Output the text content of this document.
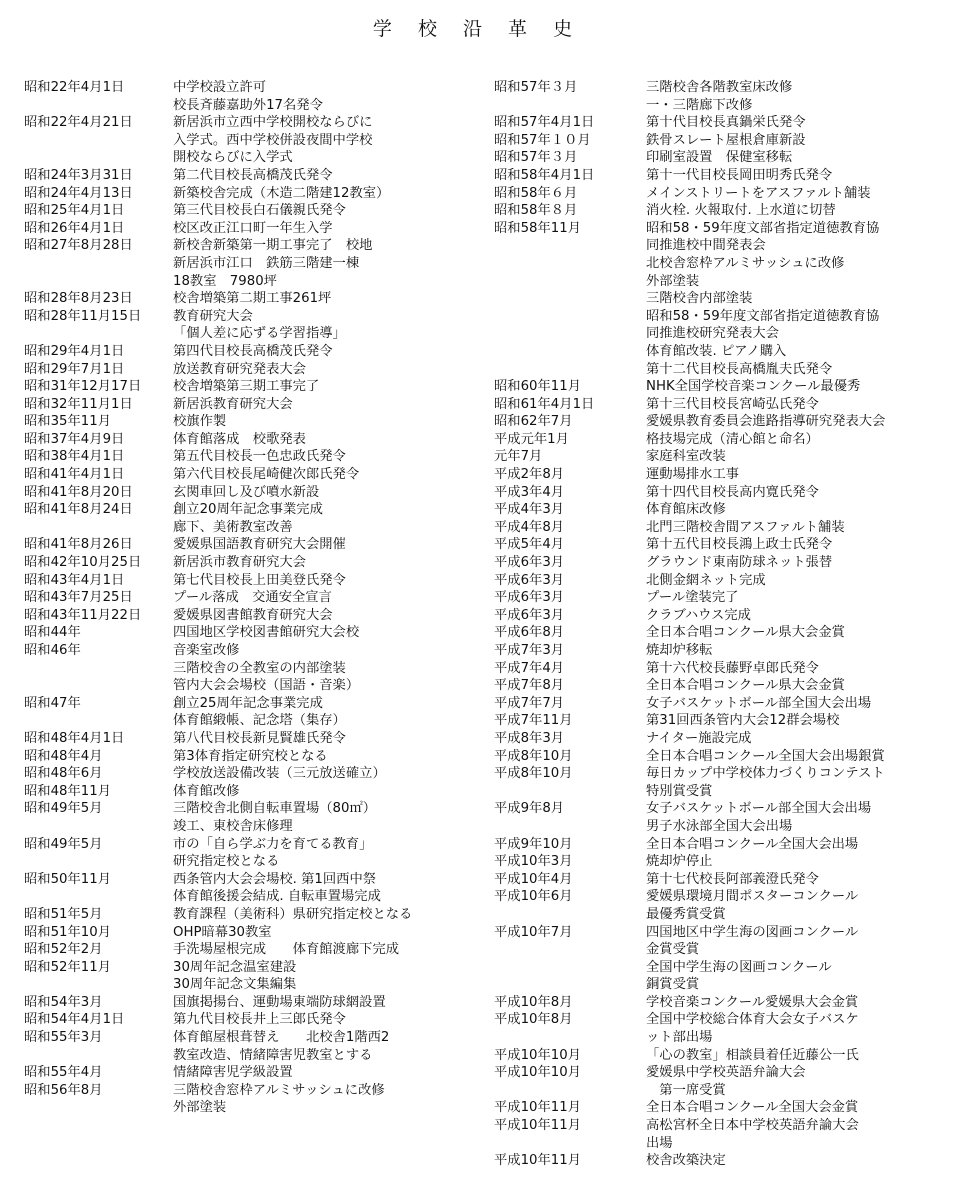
学 校 沿 革 史
昭和22年4月1日	中学校設立許可
校長斉藤嘉助外17名発令
昭和22年4月21日	新居浜市立西中学校開校ならびに
入学式。西中学校併設夜間中学校
開校ならびに入学式
昭和24年3月31日	第二代目校長高橋茂氏発令
昭和24年4月13日	新築校舎完成（木造二階建12教室）
昭和25年4月1日	第三代目校長白石儀親氏発令
昭和26年4月1日	校区改正江口町一年生入学
昭和27年8月28日	新校舎新築第一期工事完了　校地
新居浜市江口　鉄筋三階建一棟
18教室　7980坪
昭和28年8月23日	校舎増築第二期工事261坪
昭和28年11月15日	教育研究大会
「個人差に応ずる学習指導」
昭和29年4月1日	第四代目校長高橋茂氏発令
昭和29年7月1日	放送教育研究発表大会
昭和31年12月17日	校舎増築第三期工事完了
昭和32年11月1日	新居浜教育研究大会
昭和35年11月	校旗作製
昭和37年4月9日	体育館落成　校歌発表
昭和38年4月1日	第五代目校長一色忠政氏発令
昭和41年4月1日	第六代目校長尾崎健次郎氏発令
昭和41年8月20日	玄関車回し及び噴水新設
昭和41年8月24日	創立20周年記念事業完成
廊下、美術教室改善
昭和41年8月26日	愛媛県国語教育研究大会開催
昭和42年10月25日	新居浜市教育研究大会
昭和43年4月1日	第七代目校長上田美登氏発令
昭和43年7月25日	プール落成　交通安全宣言
昭和43年11月22日	愛媛県図書館教育研究大会
昭和44年	四国地区学校図書館研究大会校
昭和46年	音楽室改修
三階校舎の全教室の内部塗装
管内大会会場校（国語・音楽）
昭和47年	創立25周年記念事業完成
体育館緞帳、記念塔（集存）
昭和48年4月1日	第八代目校長新見賢雄氏発令
昭和48年4月	第3体育指定研究校となる
昭和48年6月	学校放送設備改装（三元放送確立）
昭和48年11月	体育館改修
昭和49年5月	三階校舎北側自転車置場（80㎡）
竣工、東校舎床修理
昭和49年5月	市の「自ら学ぶ力を育てる教育」
研究指定校となる
昭和50年11月	西条管内大会会場校. 第1回西中祭
体育館後援会結成. 自転車置場完成
昭和51年5月	教育課程（美術科）県研究指定校となる
昭和51年10月	OHP暗幕30教室
昭和52年2月	手洗場屋根完成　　体育館渡廊下完成
昭和52年11月	30周年記念温室建設
30周年記念文集編集
昭和54年3月	国旗掲揚台、運動場東端防球網設置
昭和54年4月1日	第九代目校長井上三郎氏発令
昭和55年3月	体育館屋根葺替え　　北校舎1階西2
教室改造、情緒障害児教室とする
昭和55年4月	情緒障害児学級設置
昭和56年8月	三階校舎窓枠アルミサッシュに改修
外部塗装
昭和57年３月	三階校舎各階教室床改修
一・三階廊下改修
昭和57年4月1日	第十代目校長真鍋栄氏発令
昭和57年１０月	鉄骨スレート屋根倉庫新設
昭和57年３月	印刷室設置　保健室移転
昭和58年4月1日	第十一代目校長岡田明秀氏発令
昭和58年６月	メインストリートをアスファルト舗装
昭和58年８月	消火栓. 火報取付. 上水道に切替
昭和58年11月	昭和58・59年度文部省指定道徳教育協
同推進校中間発表会
北校舎窓枠アルミサッシュに改修
外部塗装
三階校舎内部塗装
昭和58・59年度文部省指定道徳教育協
同推進校研究発表大会
体育館改装. ピアノ購入
第十二代目校長高橋胤夫氏発令
昭和60年11月	NHK全国学校音楽コンクール最優秀
昭和61年4月1日	第十三代目校長宮崎弘氏発令
昭和62年7月	愛媛県教育委員会進路指導研究発表大会
平成元年1月	格技場完成（清心館と命名）
元年7月	家庭科室改装
平成2年8月	運動場排水工事
平成3年4月	第十四代目校長高内寛氏発令
平成4年3月	体育館床改修
平成4年8月	北門三階校舎間アスファルト舗装
平成5年4月	第十五代目校長鴻上政士氏発令
平成6年3月	グラウンド東南防球ネット張替
平成6年3月	北側金網ネット完成
平成6年3月	プール塗装完了
平成6年3月	クラブハウス完成
平成6年8月	全日本合唱コンクール県大会金賞
平成7年3月	焼却炉移転
平成7年4月	第十六代校長藤野卓郎氏発令
平成7年8月	全日本合唱コンクール県大会金賞
平成7年7月	女子バスケットボール部全国大会出場
平成7年11月	第31回西条管内大会12群会場校
平成8年3月	ナイター施設完成
平成8年10月	全日本合唱コンクール全国大会出場銀賞
平成8年10月	毎日カップ中学校体力づくりコンテスト
特別賞受賞
平成9年8月	女子バスケットボール部全国大会出場
男子水泳部全国大会出場
平成9年10月	全日本合唱コンクール全国大会出場
平成10年3月	焼却炉停止
平成10年4月	第十七代校長阿部義澄氏発令
平成10年6月	愛媛県環境月間ポスターコンクール
最優秀賞受賞
平成10年7月	四国地区中学生海の図画コンクール
金賞受賞
全国中学生海の図画コンクール
銅賞受賞
平成10年8月	学校音楽コンクール愛媛県大会金賞
平成10年8月	全国中学校総合体育大会女子バスケ
ット部出場
平成10年10月	「心の教室」相談員着任近藤公一氏
平成10年10月	愛媛県中学校英語弁論大会
　第一席受賞
平成10年11月	全日本合唱コンクール全国大会金賞
平成10年11月	高松宮杯全日本中学校英語弁論大会
出場
平成10年11月	校舎改築決定
